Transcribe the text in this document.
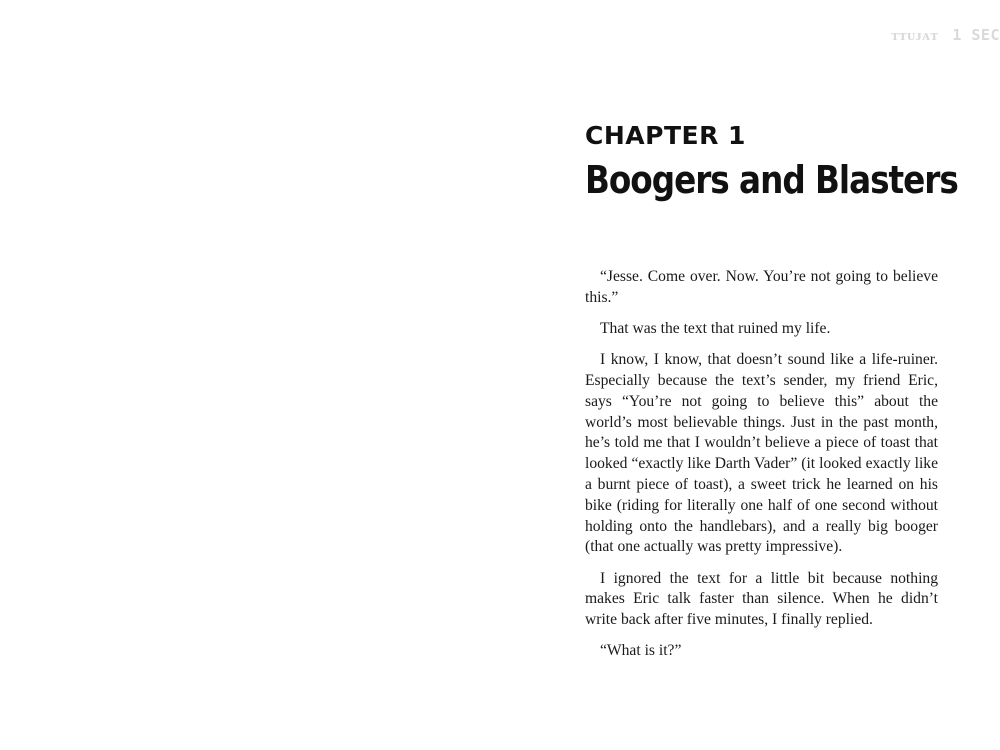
ᴛᴛᴜᴊᴀᴛ 1 SEC
CHAPTER 1
Boogers and Blasters

“Jesse. Come over. Now. You’re not going to believe this.”

That was the text that ruined my life.

I know, I know, that doesn’t sound like a life-ruiner. Especially because the text’s sender, my friend Eric, says “You’re not going to believe this” about the world’s most believable things. Just in the past month, he’s told me that I wouldn’t believe a piece of toast that looked “exactly like Darth Vader” (it looked exactly like a burnt piece of toast), a sweet trick he learned on his bike (riding for literally one half of one second without holding onto the handlebars), and a really big booger (that one actually was pretty impressive).

I ignored the text for a little bit because nothing makes Eric talk faster than silence. When he didn’t write back after five minutes, I finally replied.

“What is it?”
